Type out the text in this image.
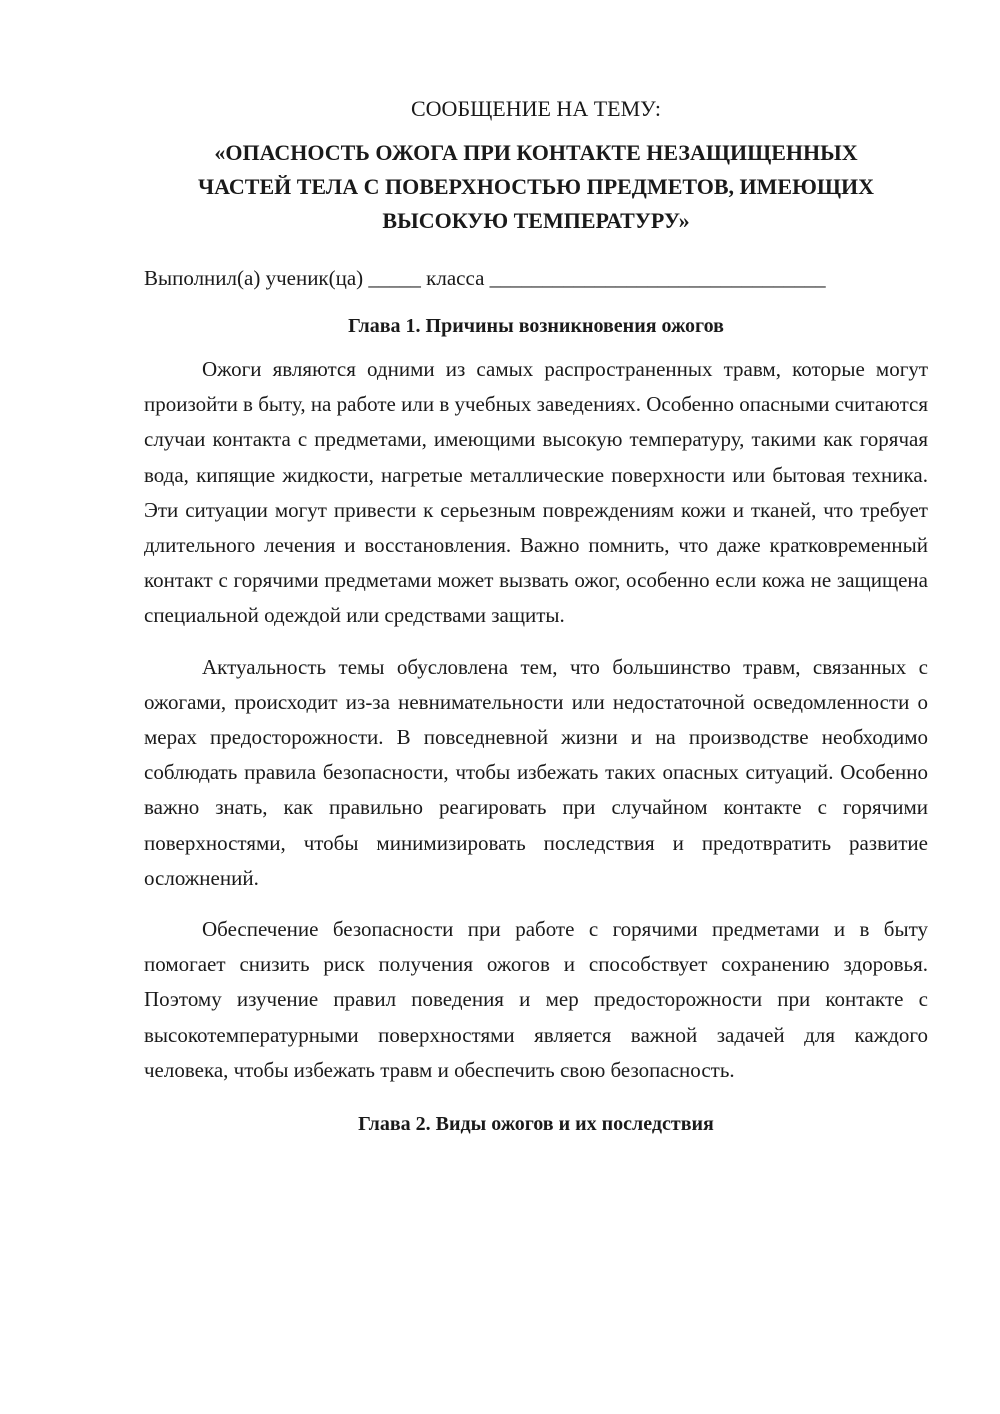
СООБЩЕНИЕ НА ТЕМУ:

«ОПАСНОСТЬ ОЖОГА ПРИ КОНТАКТЕ НЕЗАЩИЩЕННЫХ
ЧАСТЕЙ ТЕЛА С ПОВЕРХНОСТЬЮ ПРЕДМЕТОВ, ИМЕЮЩИХ
ВЫСОКУЮ ТЕМПЕРАТУРУ»

Выполнил(а) ученик(ца) _____ класса ________________________________

Глава 1. Причины возникновения ожогов

Ожоги являются одними из самых распространенных травм, которые могут произойти в быту, на работе или в учебных заведениях. Особенно опасными считаются случаи контакта с предметами, имеющими высокую температуру, такими как горячая вода, кипящие жидкости, нагретые металлические поверхности или бытовая техника. Эти ситуации могут привести к серьезным повреждениям кожи и тканей, что требует длительного лечения и восстановления. Важно помнить, что даже кратковременный контакт с горячими предметами может вызвать ожог, особенно если кожа не защищена специальной одеждой или средствами защиты.

Актуальность темы обусловлена тем, что большинство травм, связанных с ожогами, происходит из-за невнимательности или недостаточной осведомленности о мерах предосторожности. В повседневной жизни и на производстве необходимо соблюдать правила безопасности, чтобы избежать таких опасных ситуаций. Особенно важно знать, как правильно реагировать при случайном контакте с горячими поверхностями, чтобы минимизировать последствия и предотвратить развитие осложнений.

Обеспечение безопасности при работе с горячими предметами и в быту помогает снизить риск получения ожогов и способствует сохранению здоровья. Поэтому изучение правил поведения и мер предосторожности при контакте с высокотемпературными поверхностями является важной задачей для каждого человека, чтобы избежать травм и обеспечить свою безопасность.

Глава 2. Виды ожогов и их последствия
